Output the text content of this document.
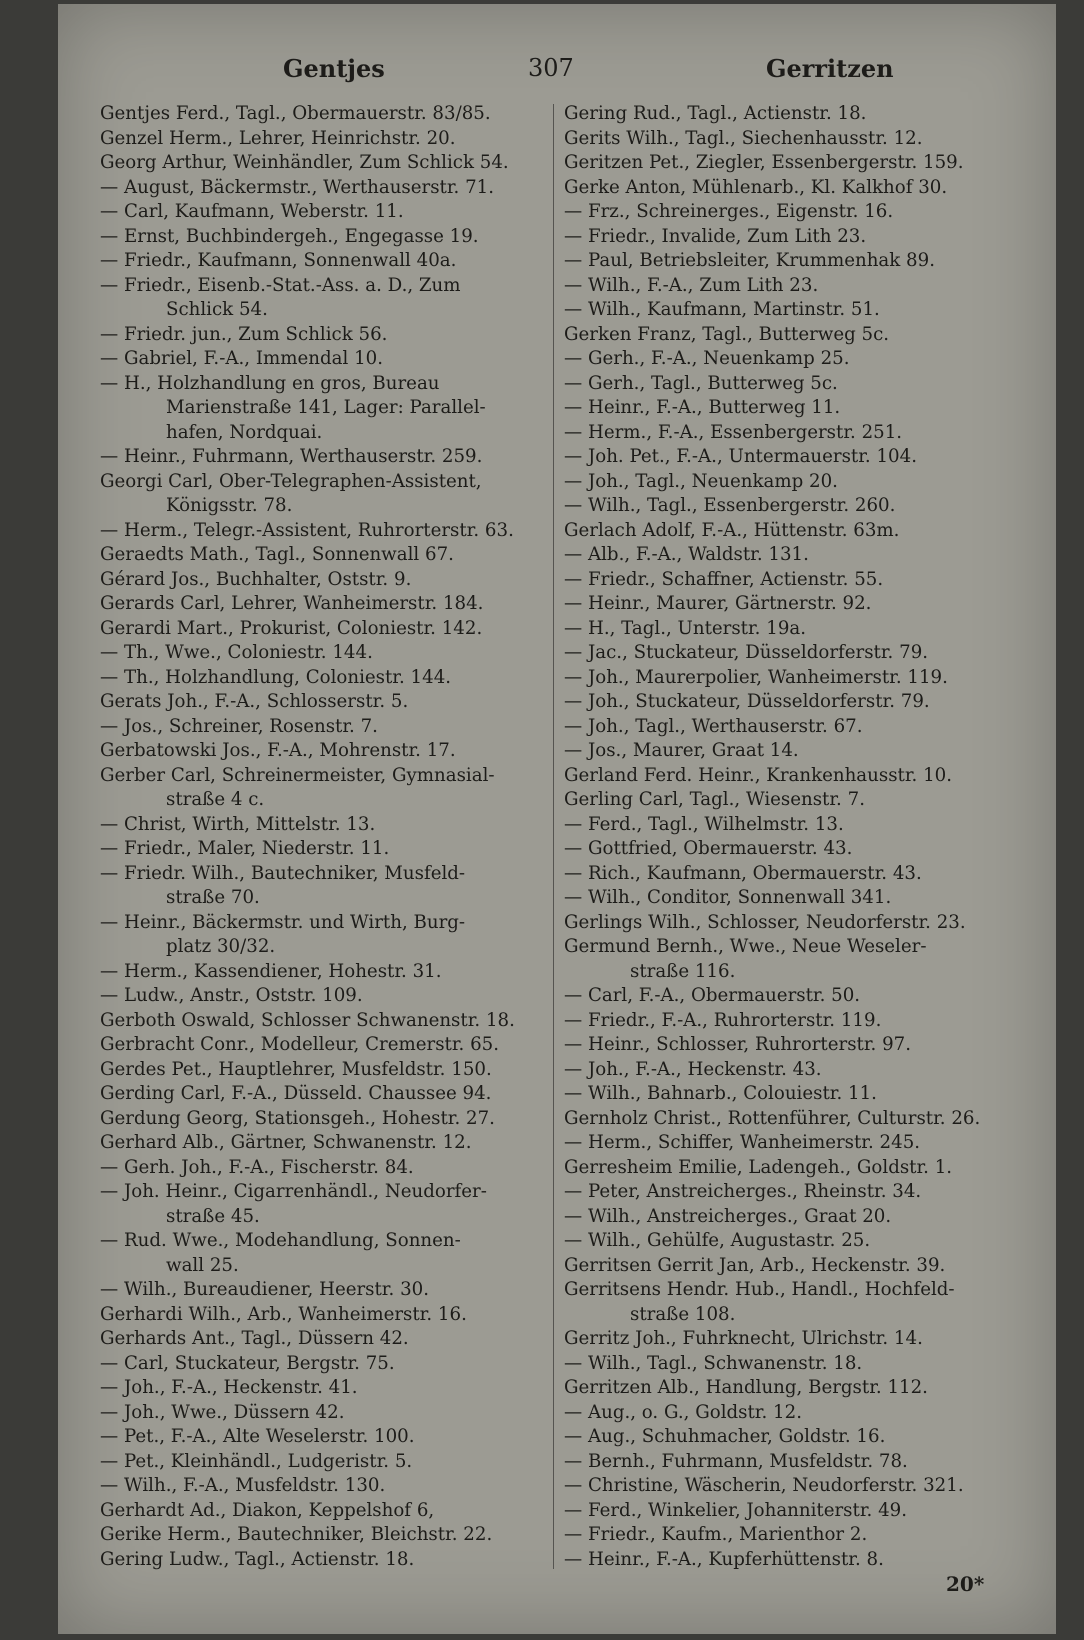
Gentjes	307	Gerritzen
Gentjes Ferd., Tagl., Obermauerstr. 83/85.
Genzel Herm., Lehrer, Heinrichstr. 20.
Georg Arthur, Weinhändler, Zum Schlick 54.
— August, Bäckermstr., Werthauserstr. 71.
— Carl, Kaufmann, Weberstr. 11.
— Ernst, Buchbindergeh., Engegasse 19.
— Friedr., Kaufmann, Sonnenwall 40a.
— Friedr., Eisenb.-Stat.-Ass. a. D., Zum
Schlick 54.
— Friedr. jun., Zum Schlick 56.
— Gabriel, F.-A., Immendal 10.
— H., Holzhandlung en gros, Bureau
Marienstraße 141, Lager: Parallel-
hafen, Nordquai.
— Heinr., Fuhrmann, Werthauserstr. 259.
Georgi Carl, Ober-Telegraphen-Assistent,
Königsstr. 78.
— Herm., Telegr.-Assistent, Ruhrorterstr. 63.
Geraedts Math., Tagl., Sonnenwall 67.
Gérard Jos., Buchhalter, Oststr. 9.
Gerards Carl, Lehrer, Wanheimerstr. 184.
Gerardi Mart., Prokurist, Coloniestr. 142.
— Th., Wwe., Coloniestr. 144.
— Th., Holzhandlung, Coloniestr. 144.
Gerats Joh., F.-A., Schlosserstr. 5.
— Jos., Schreiner, Rosenstr. 7.
Gerbatowski Jos., F.-A., Mohrenstr. 17.
Gerber Carl, Schreinermeister, Gymnasial-
straße 4 c.
— Christ, Wirth, Mittelstr. 13.
— Friedr., Maler, Niederstr. 11.
— Friedr. Wilh., Bautechniker, Musfeld-
straße 70.
— Heinr., Bäckermstr. und Wirth, Burg-
platz 30/32.
— Herm., Kassendiener, Hohestr. 31.
— Ludw., Anstr., Oststr. 109.
Gerboth Oswald, Schlosser Schwanenstr. 18.
Gerbracht Conr., Modelleur, Cremerstr. 65.
Gerdes Pet., Hauptlehrer, Musfeldstr. 150.
Gerding Carl, F.-A., Düsseld. Chaussee 94.
Gerdung Georg, Stationsgeh., Hohestr. 27.
Gerhard Alb., Gärtner, Schwanenstr. 12.
— Gerh. Joh., F.-A., Fischerstr. 84.
— Joh. Heinr., Cigarrenhändl., Neudorfer-
straße 45.
— Rud. Wwe., Modehandlung, Sonnen-
wall 25.
— Wilh., Bureaudiener, Heerstr. 30.
Gerhardi Wilh., Arb., Wanheimerstr. 16.
Gerhards Ant., Tagl., Düssern 42.
— Carl, Stuckateur, Bergstr. 75.
— Joh., F.-A., Heckenstr. 41.
— Joh., Wwe., Düssern 42.
— Pet., F.-A., Alte Weselerstr. 100.
— Pet., Kleinhändl., Ludgeristr. 5.
— Wilh., F.-A., Musfeldstr. 130.
Gerhardt Ad., Diakon, Keppelshof 6,
Gerike Herm., Bautechniker, Bleichstr. 22.
Gering Ludw., Tagl., Actienstr. 18.
Gering Rud., Tagl., Actienstr. 18.
Gerits Wilh., Tagl., Siechenhausstr. 12.
Geritzen Pet., Ziegler, Essenbergerstr. 159.
Gerke Anton, Mühlenarb., Kl. Kalkhof 30.
— Frz., Schreinerges., Eigenstr. 16.
— Friedr., Invalide, Zum Lith 23.
— Paul, Betriebsleiter, Krummenhak 89.
— Wilh., F.-A., Zum Lith 23.
— Wilh., Kaufmann, Martinstr. 51.
Gerken Franz, Tagl., Butterweg 5c.
— Gerh., F.-A., Neuenkamp 25.
— Gerh., Tagl., Butterweg 5c.
— Heinr., F.-A., Butterweg 11.
— Herm., F.-A., Essenbergerstr. 251.
— Joh. Pet., F.-A., Untermauerstr. 104.
— Joh., Tagl., Neuenkamp 20.
— Wilh., Tagl., Essenbergerstr. 260.
Gerlach Adolf, F.-A., Hüttenstr. 63m.
— Alb., F.-A., Waldstr. 131.
— Friedr., Schaffner, Actienstr. 55.
— Heinr., Maurer, Gärtnerstr. 92.
— H., Tagl., Unterstr. 19a.
— Jac., Stuckateur, Düsseldorferstr. 79.
— Joh., Maurerpolier, Wanheimerstr. 119.
— Joh., Stuckateur, Düsseldorferstr. 79.
— Joh., Tagl., Werthauserstr. 67.
— Jos., Maurer, Graat 14.
Gerland Ferd. Heinr., Krankenhausstr. 10.
Gerling Carl, Tagl., Wiesenstr. 7.
— Ferd., Tagl., Wilhelmstr. 13.
— Gottfried, Obermauerstr. 43.
— Rich., Kaufmann, Obermauerstr. 43.
— Wilh., Conditor, Sonnenwall 341.
Gerlings Wilh., Schlosser, Neudorferstr. 23.
Germund Bernh., Wwe., Neue Weseler-
straße 116.
— Carl, F.-A., Obermauerstr. 50.
— Friedr., F.-A., Ruhrorterstr. 119.
— Heinr., Schlosser, Ruhrorterstr. 97.
— Joh., F.-A., Heckenstr. 43.
— Wilh., Bahnarb., Colouiestr. 11.
Gernholz Christ., Rottenführer, Culturstr. 26.
— Herm., Schiffer, Wanheimerstr. 245.
Gerresheim Emilie, Ladengeh., Goldstr. 1.
— Peter, Anstreicherges., Rheinstr. 34.
— Wilh., Anstreicherges., Graat 20.
— Wilh., Gehülfe, Augustastr. 25.
Gerritsen Gerrit Jan, Arb., Heckenstr. 39.
Gerritsens Hendr. Hub., Handl., Hochfeld-
straße 108.
Gerritz Joh., Fuhrknecht, Ulrichstr. 14.
— Wilh., Tagl., Schwanenstr. 18.
Gerritzen Alb., Handlung, Bergstr. 112.
— Aug., o. G., Goldstr. 12.
— Aug., Schuhmacher, Goldstr. 16.
— Bernh., Fuhrmann, Musfeldstr. 78.
— Christine, Wäscherin, Neudorferstr. 321.
— Ferd., Winkelier, Johanniterstr. 49.
— Friedr., Kaufm., Marienthor 2.
— Heinr., F.-A., Kupferhüttenstr. 8.
20*
